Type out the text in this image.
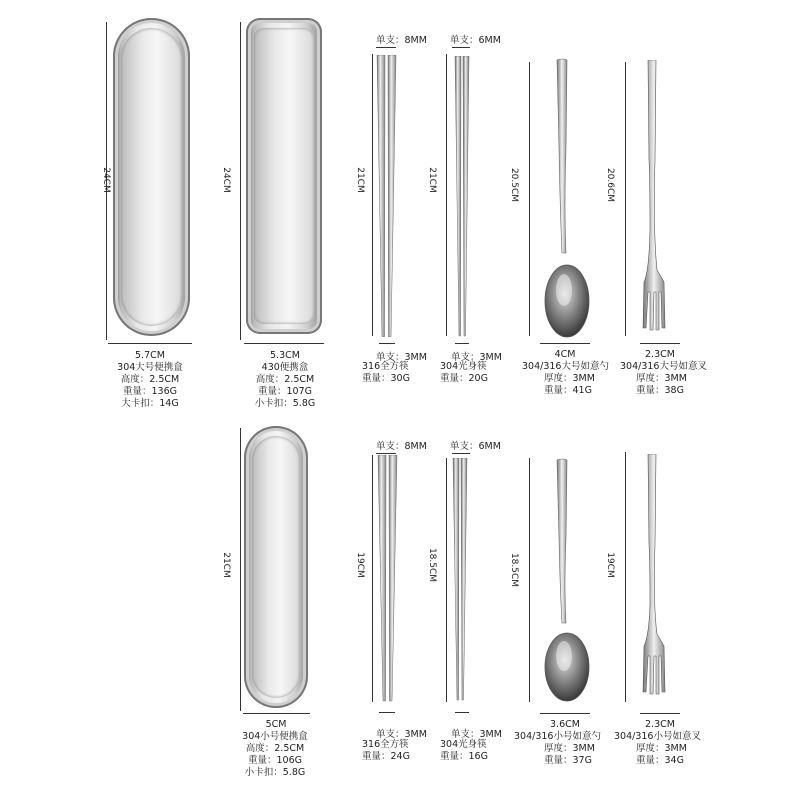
24CM
5.7CM
304大号便携盒
高度：2.5CM
重量：136G
大卡扣：14G
24CM
5.3CM
430便携盒
高度：2.5CM
重量：107G
小卡扣：5.8G
单支：8MM
21CM
单支：3MM
316全方筷
重量：30G
单支：6MM
21CM
单支：3MM
304光身筷
重量：20G
20.5CM
4CM
304/316大号如意勺
厚度：3MM
重量：41G
20.6CM
2.3CM
304/316大号如意叉
厚度：3MM
重量：38G
21CM
5CM
304小号便携盒
高度：2.5CM
重量：106G
小卡扣：5.8G
单支：8MM
19CM
单支：3MM
316全方筷
重量：24G
单支：6MM
18.5CM
单支：3MM
304光身筷
重量：16G
18.5CM
3.6CM
304/316小号如意勺
厚度：3MM
重量：37G
19CM
2.3CM
304/316小号如意叉
厚度：3MM
重量：34G
